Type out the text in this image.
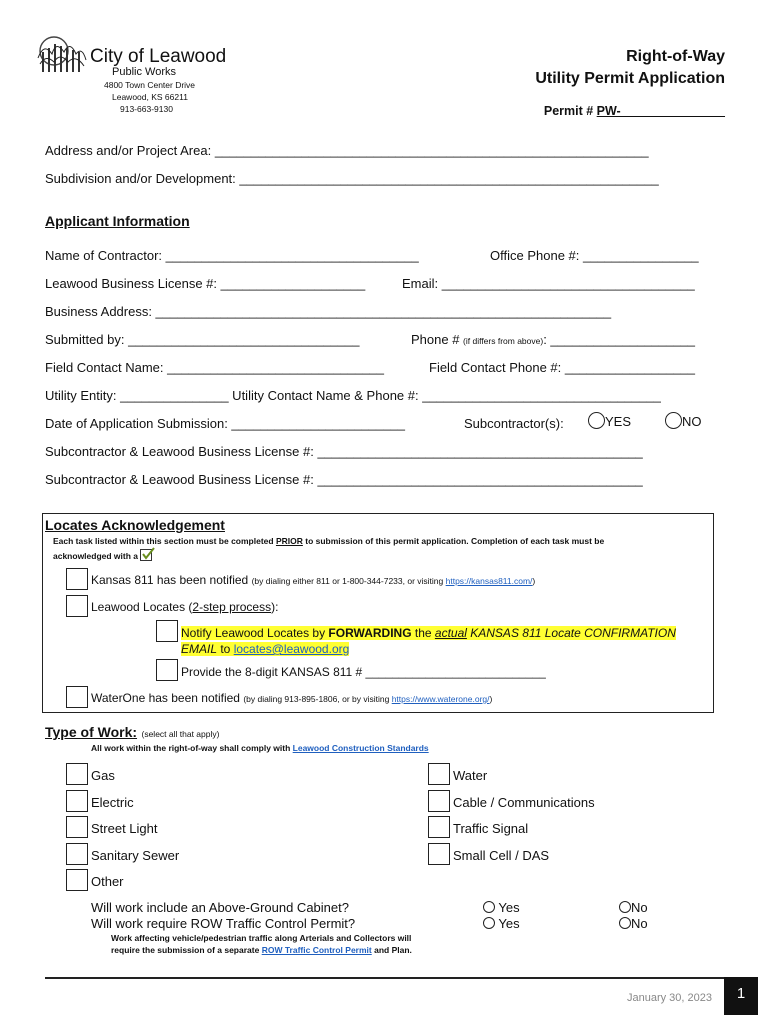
City of Leawood
Public Works
4800 Town Center Drive
Leawood, KS 66211
913-663-9130
Right-of-Way
Utility Permit Application
Permit # PW-_______________
Address and/or Project Area: ____________________________________________________________
Subdivision and/or Development: __________________________________________________________
Applicant Information
Name of Contractor: ___________________________________	Office Phone #: ________________
Leawood Business License #: ____________________	Email: ___________________________________
Business Address: _______________________________________________________________
Submitted by: ________________________________	Phone # (if differs from above): ____________________
Field Contact Name: ______________________________	Field Contact Phone #: __________________
Utility Entity: _______________ Utility Contact Name & Phone #: _________________________________
Date of Application Submission: ________________________	Subcontractor(s):	YES	NO
Subcontractor & Leawood Business License #: _____________________________________________
Subcontractor & Leawood Business License #: _____________________________________________
Locates Acknowledgement
Each task listed within this section must be completed PRIOR to submission of this permit application. Completion of each task must be
acknowledged with a
Kansas 811 has been notified (by dialing either 811 or 1-800-344-7233, or visiting https://kansas811.com/)
Leawood Locates (2-step process):
Notify Leawood Locates by FORWARDING the actual KANSAS 811 Locate CONFIRMATION
EMAIL to locates@leawood.org
Provide the 8-digit KANSAS 811 # ___________________________
WaterOne has been notified (by dialing 913-895-1806, or by visiting https://www.waterone.org/)
Type of Work: (select all that apply)
All work within the right-of-way shall comply with Leawood Construction Standards
Gas
Electric
Street Light
Sanitary Sewer
Other
Water
Cable / Communications
Traffic Signal
Small Cell / DAS
Will work include an Above-Ground Cabinet?	Yes	No
Will work require ROW Traffic Control Permit?	Yes	No
Work affecting vehicle/pedestrian traffic along Arterials and Collectors will
require the submission of a separate ROW Traffic Control Permit and Plan.
January 30, 2023	1
